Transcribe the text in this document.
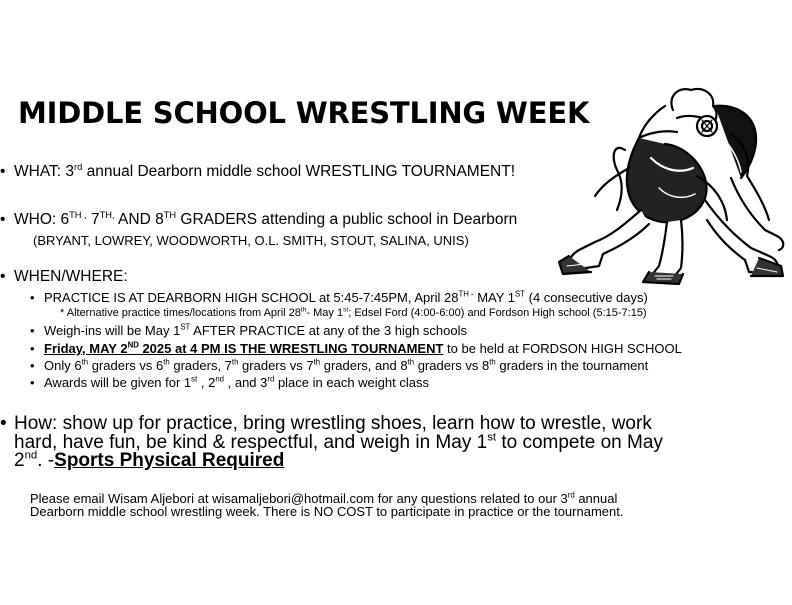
MIDDLE SCHOOL WRESTLING WEEK
• WHAT: 3rd annual Dearborn middle school WRESTLING TOURNAMENT!
• WHO: $6^{TH ,}$ $7^{TH,}$ AND 8TH GRADERS attending a public school in Dearborn
(BRYANT, LOWREY, WOODWORTH, O.L. SMITH, STOUT, SALINA, UNIS)
• WHEN/WHERE:
• PRACTICE IS AT DEARBORN HIGH SCHOOL at 5:45-7:45PM, April $28^{TH -}$ MAY 1ST (4 consecutive days)
* Alternative practice times/locations from April 28th- May 1st; Edsel Ford (4:00-6:00) and Fordson High school (5:15-7:15)
• Weigh-ins will be May 1ST AFTER PRACTICE at any of the 3 high schools
• Friday, MAY 2ND 2025 at 4 PM IS THE WRESTLING TOURNAMENT to be held at FORDSON HIGH SCHOOL
• Only 6th graders vs 6th graders, 7th graders vs 7th graders, and 8th graders vs 8th graders in the tournament
• Awards will be given for 1st , 2nd , and 3rd place in each weight class
• How: show up for practice, bring wrestling shoes, learn how to wrestle, work
hard, have fun, be kind & respectful, and weigh in May 1st to compete on May
2nd. -Sports Physical Required
Please email Wisam Aljebori at wisamaljebori@hotmail.com for any questions related to our 3rd annual
Dearborn middle school wrestling week. There is NO COST to participate in practice or the tournament.
